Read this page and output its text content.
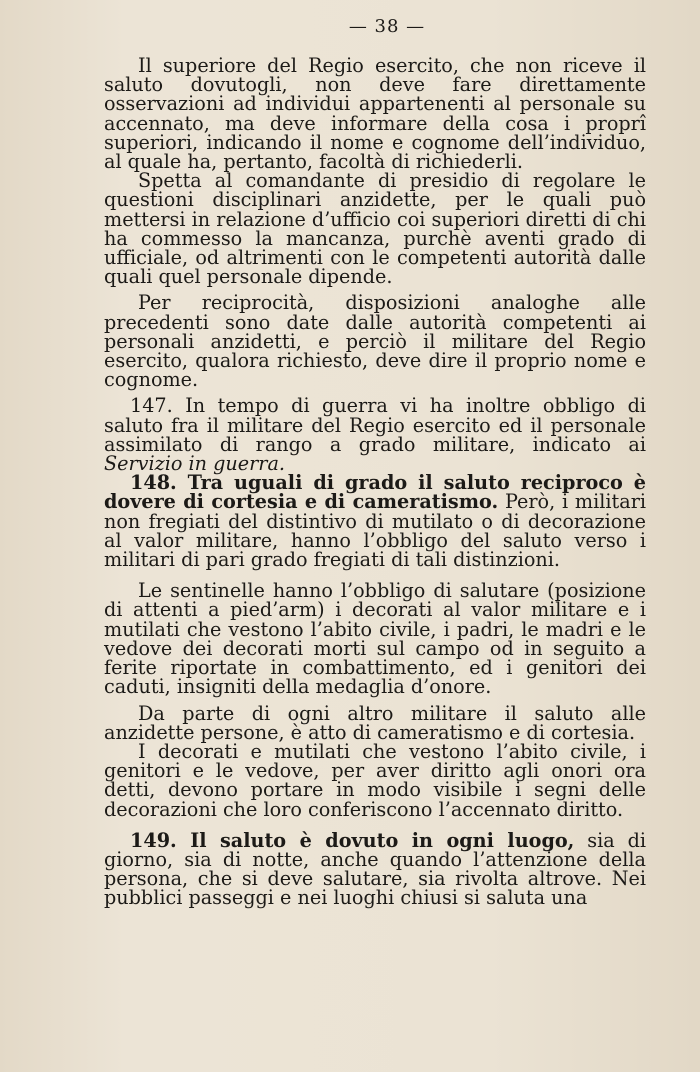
— 38 —

Il superiore del Regio esercito, che non riceve il saluto dovutogli, non deve fare direttamente osservazioni ad individui appartenenti al personale su accennato, ma deve informare della cosa i proprî superiori, indicando il nome e cognome dell’individuo, al quale ha, pertanto, facoltà di richiederli.

Spetta al comandante di presidio di regolare le questioni disciplinari anzidette, per le quali può mettersi in relazione d’ufficio coi superiori diretti di chi ha commesso la mancanza, purchè aventi grado di ufficiale, od altrimenti con le competenti autorità dalle quali quel personale dipende.

Per reciprocità, disposizioni analoghe alle precedenti sono date dalle autorità competenti ai personali anzidetti, e perciò il militare del Regio esercito, qualora richiesto, deve dire il proprio nome e cognome.

147. In tempo di guerra vi ha inoltre obbligo di saluto fra il militare del Regio esercito ed il personale assimilato di rango a grado militare, indicato ai Servizio in guerra.

148. Tra uguali di grado il saluto reciproco è dovere di cortesia e di cameratismo. Però, i militari non fregiati del distintivo di mutilato o di decorazione al valor militare, hanno l’obbligo del saluto verso i militari di pari grado fregiati di tali distinzioni.

Le sentinelle hanno l’obbligo di salutare (posizione di attenti a pied’arm) i decorati al valor militare e i mutilati che vestono l’abito civile, i padri, le madri e le vedove dei decorati morti sul campo od in seguito a ferite riportate in combattimento, ed i genitori dei caduti, insigniti della medaglia d’onore.

Da parte di ogni altro militare il saluto alle anzidette persone, è atto di cameratismo e di cortesia.

I decorati e mutilati che vestono l’abito civile, i genitori e le vedove, per aver diritto agli onori ora detti, devono portare in modo visibile i segni delle decorazioni che loro conferiscono l’accennato diritto.

149. Il saluto è dovuto in ogni luogo, sia di giorno, sia di notte, anche quando l’attenzione della persona, che si deve salutare, sia rivolta altrove. Nei pubblici passeggi e nei luoghi chiusi si saluta una
